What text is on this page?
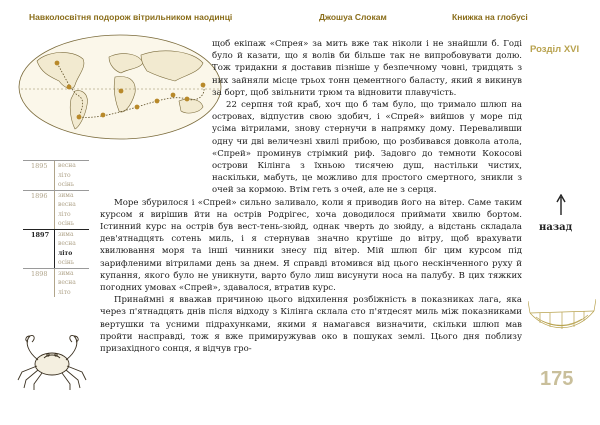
Навколосвітня подорож вітрильником наодинці	Джошуа Слокам	Книжка на глобусі
1895	весна
літо
осінь
1896	зима
весна
літо
осінь
1897	зима
весна
літо
осінь
1898	зима
весна
літо

щоб екіпаж «Спрея» за мить вже так ніколи і не знайшли б. Годі було й казати, що я волів би більше так не випробовувати долю. Тож тридакни я доставив пізніше у безпечному човні, тридцять з них зайняли місце трьох тонн цементного баласту, який я викинув за борт, щоб звільнити трюм та відновити плавучість.

22 серпня той краб, хоч що б там було, що тримало шлюп на островах, відпустив свою здобич, і «Спрей» вийшов у море під усіма вітрилами, знову стернучи в напрямку дому. Переваливши одну чи дві величезні хвилі прибою, що розбивався довкола атола, «Спрей» проминув стрімкий риф. Задовго до темноти Кокосові острови Кілінга з їхньою тисячею душ, настільки чистих, наскільки, мабуть, це можливо для простого смертного, зникли з очей за кормою. Втім геть з очей, але не з серця.

Море збурилося і «Спрей» сильно заливало, коли я приводив його на вітер. Саме таким курсом я вирішив йти на острів Родрігес, хоча доводилося приймати хвилю бортом. Істинний курс на острів був вест-тень-зюйд, однак чверть до зюйду, а відстань складала дев'ятнадцять сотень миль, і я стернував значно крутіше до вітру, щоб врахувати хвилювання моря та інші чинники знесу під вітер. Мій шлюп біг цим курсом під зарифленими вітрилами день за днем. Я справді втомився від цього нескінченного руху й купання, якого було не уникнути, варто було лиш висунути носа на палубу. В цих тяжких погодних умовах «Спрей», здавалося, втратив курс.

Принаймні я вважав причиною цього відхилення розбіжність в показниках лага, яка через п'ятнадцять днів після відходу з Кілінга склала сто п'ятдесят миль між показниками вертушки та усними підрахунками, якими я намагався визначити, скільки шлюп мав пройти насправді, тож я вже примиружував око в пошуках землі. Цього дня поблизу призахідного сонця, я відчув гро-

Розділ XVI
назад
175
